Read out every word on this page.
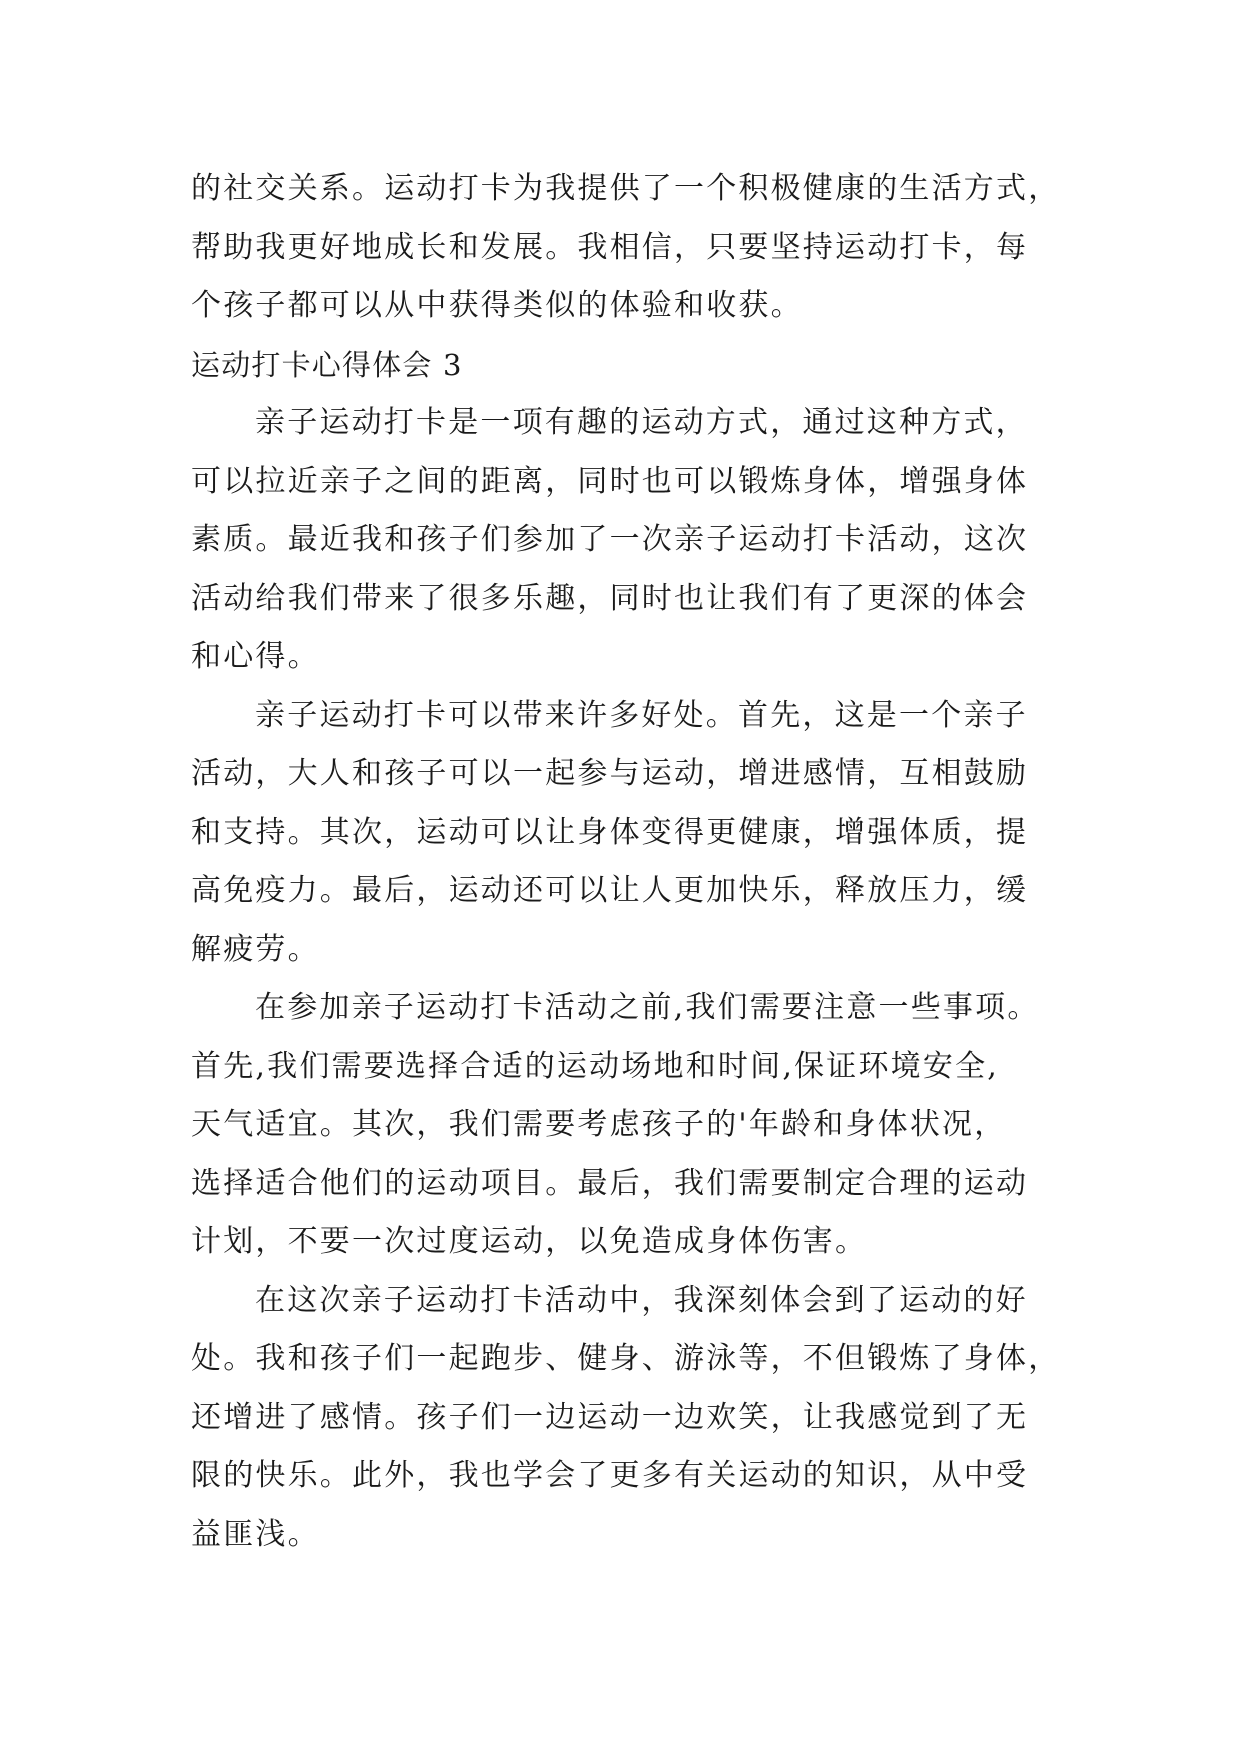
的社交关系。运动打卡为我提供了一个积极健康的生活方式，
帮助我更好地成长和发展。我相信，只要坚持运动打卡，每
个孩子都可以从中获得类似的体验和收获。
运动打卡心得体会 3
亲子运动打卡是一项有趣的运动方式，通过这种方式，
可以拉近亲子之间的距离，同时也可以锻炼身体，增强身体
素质。最近我和孩子们参加了一次亲子运动打卡活动，这次
活动给我们带来了很多乐趣，同时也让我们有了更深的体会
和心得。
亲子运动打卡可以带来许多好处。首先，这是一个亲子
活动，大人和孩子可以一起参与运动，增进感情，互相鼓励
和支持。其次，运动可以让身体变得更健康，增强体质，提
高免疫力。最后，运动还可以让人更加快乐，释放压力，缓
解疲劳。
在参加亲子运动打卡活动之前,我们需要注意一些事项。
首先,我们需要选择合适的运动场地和时间,保证环境安全,
天气适宜。其次，我们需要考虑孩子的'年龄和身体状况，
选择适合他们的运动项目。最后，我们需要制定合理的运动
计划，不要一次过度运动，以免造成身体伤害。
在这次亲子运动打卡活动中，我深刻体会到了运动的好
处。我和孩子们一起跑步、健身、游泳等，不但锻炼了身体，
还增进了感情。孩子们一边运动一边欢笑，让我感觉到了无
限的快乐。此外，我也学会了更多有关运动的知识，从中受
益匪浅。
